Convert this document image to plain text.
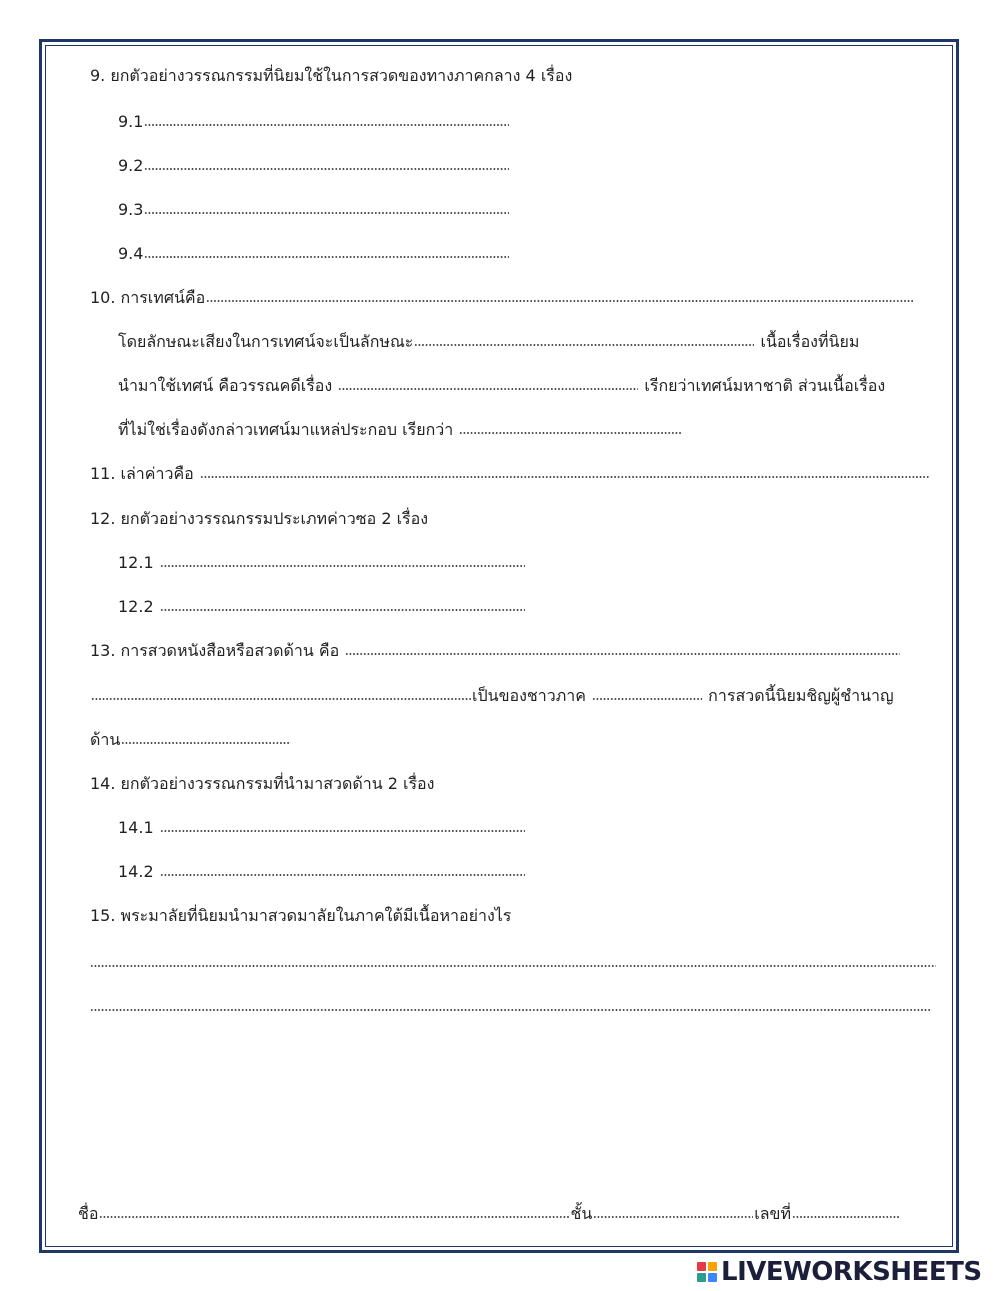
9. ยกตัวอย่างวรรณกรรมที่นิยมใช้ในการสวดของทางภาคกลาง 4 เรื่อง
9.1
9.2
9.3
9.4
10. การเทศน์คือ
โดยลักษณะเสียงในการเทศน์จะเป็นลักษณะ	เนื้อเรื่องที่นิยม
นำมาใช้เทศน์ คือวรรณคดีเรื่อง	เรีกยว่าเทศน์มหาชาติ ส่วนเนื้อเรื่อง
ที่ไม่ใช่เรื่องดังกล่าวเทศน์มาแหล่ประกอบ เรียกว่า
11. เล่าค่าวคือ
12. ยกตัวอย่างวรรณกรรมประเภทค่าวซอ 2 เรื่อง
12.1
12.2
13. การสวดหนังสือหรือสวดด้าน คือ
เป็นของชาวภาค	การสวดนี้นิยมชิญผู้ชำนาญ
ด้าน
14. ยกตัวอย่างวรรณกรรมที่นำมาสวดด้าน 2 เรื่อง
14.1
14.2
15. พระมาลัยที่นิยมนำมาสวดมาลัยในภาคใต้มีเนื้อหาอย่างไร
ชื่อ	ชั้น	เลขที่
LIVEWORKSHEETS
